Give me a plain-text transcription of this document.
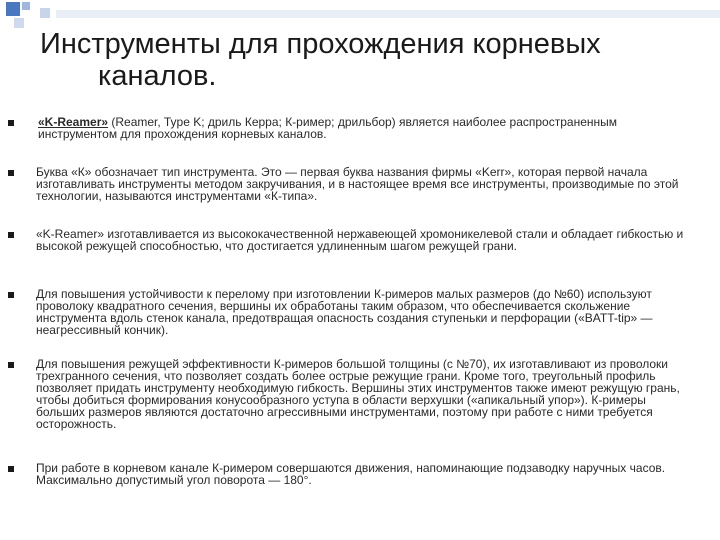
Инструменты для прохождения корневых
каналов.
«K-Reamer» (Reamer, Type K; дриль Керра; К-ример; дрильбор) является наиболее распространенным инструментом для прохождения корневых каналов.
Буква «К» обозначает тип инструмента. Это — первая буква названия фирмы «Kerr», которая первой начала изготавливать инструменты методом закручивания, и в настоящее время все инструменты, производимые по этой технологии, называются инструментами «К-типа».
«K-Reamer» изготавливается из высококачественной нержавеющей хромоникелевой стали и обладает гибкостью и высокой режущей способностью, что достигается удлиненным шагом режущей грани.
Для повышения устойчивости к перелому при изготовлении К-римеров малых размеров (до №60) используют проволоку квадратного сечения, вершины их обработаны таким образом, что обеспечивается скольжение инструмента вдоль стенок канала, предотвращая опасность создания ступеньки и перфорации («BATT-tip» — неагрессивный кончик).
Для повышения режущей эффективности К-римеров большой толщины (с №70), их изготавливают из проволоки трехгранного сечения, что позволяет создать более острые режущие грани. Кроме того, треугольный профиль позволяет придать инструменту необходимую гибкость. Вершины этих инструментов также имеют режущую грань, чтобы добиться формирования конусообразного уступа в области верхушки («апикальный упор»). К-римеры больших размеров являются достаточно агрессивными инструментами, поэтому при работе с ними требуется осторожность.
При работе в корневом канале К-римером совершаются движения, напоминающие подзаводку наручных часов. Максимально допустимый угол поворота — 180°.
